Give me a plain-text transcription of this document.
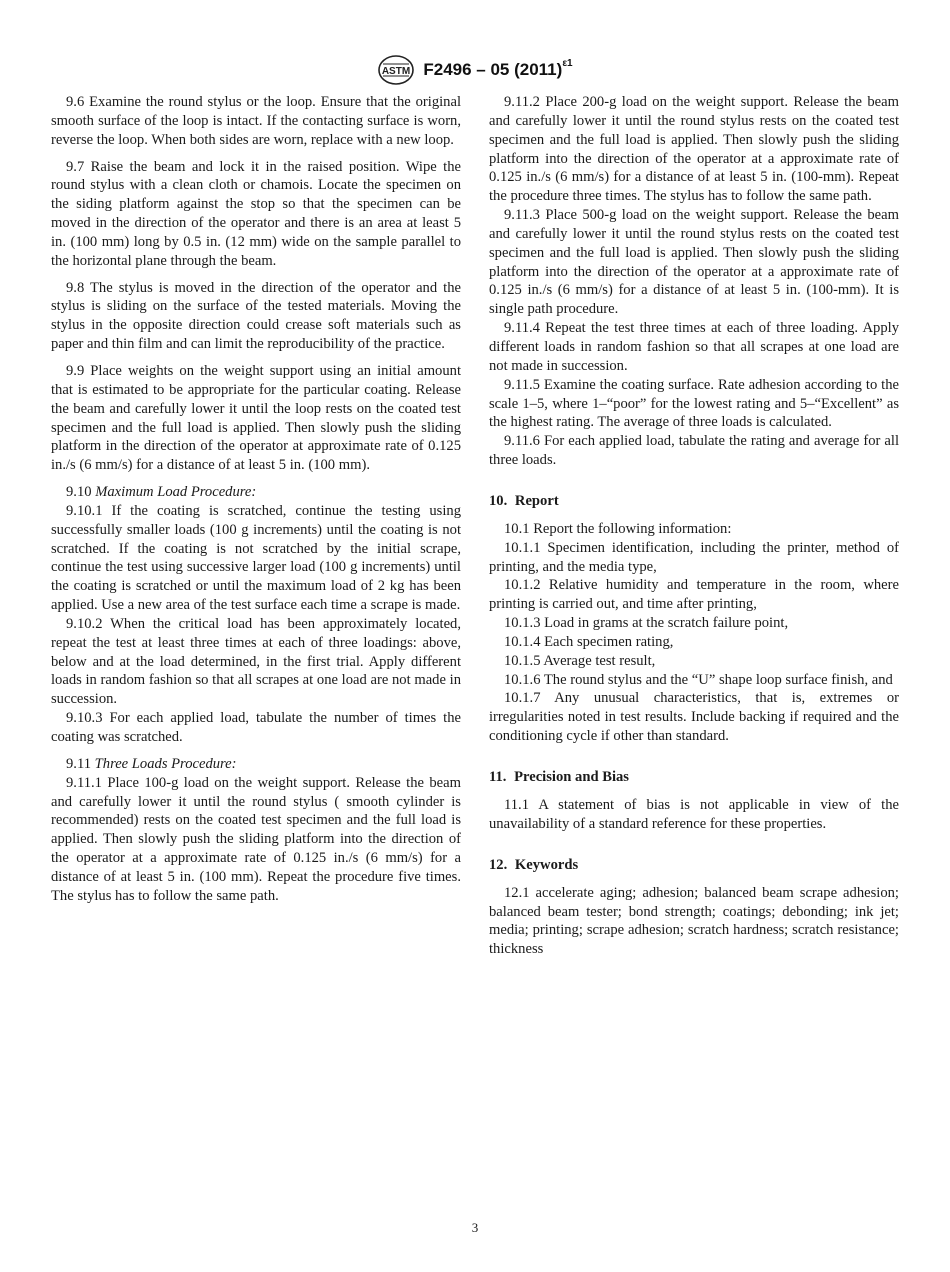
ASTM F2496 – 05 $(2011)^{\varepsilon 1}$

9.6 Examine the round stylus or the loop. Ensure that the original smooth surface of the loop is intact. If the contacting surface is worn, reverse the loop. When both sides are worn, replace with a new loop.

9.7 Raise the beam and lock it in the raised position. Wipe the round stylus with a clean cloth or chamois. Locate the specimen on the siding platform against the stop so that the specimen can be moved in the direction of the operator and there is an area at least 5 in. (100 mm) long by 0.5 in. (12 mm) wide on the sample parallel to the horizontal plane through the beam.

9.8 The stylus is moved in the direction of the operator and the stylus is sliding on the surface of the tested materials. Moving the stylus in the opposite direction could crease soft materials such as paper and thin film and can limit the reproducibility of the practice.

9.9 Place weights on the weight support using an initial amount that is estimated to be appropriate for the particular coating. Release the beam and carefully lower it until the loop rests on the coated test specimen and the full load is applied. Then slowly push the sliding platform in the direction of the operator at approximate rate of 0.125 in./s (6 mm/s) for a distance of at least 5 in. (100 mm).

9.10 Maximum Load Procedure:

9.10.1 If the coating is scratched, continue the testing using successfully smaller loads (100 g increments) until the coating is not scratched. If the coating is not scratched by the initial scrape, continue the test using successive larger load (100 g increments) until the coating is scratched or until the maximum load of 2 kg has been applied. Use a new area of the test surface each time a scrape is made.

9.10.2 When the critical load has been approximately located, repeat the test at least three times at each of three loadings: above, below and at the load determined, in the first trial. Apply different loads in random fashion so that all scrapes at one load are not made in succession.

9.10.3 For each applied load, tabulate the number of times the coating was scratched.

9.11 Three Loads Procedure:

9.11.1 Place 100-g load on the weight support. Release the beam and carefully lower it until the round stylus ( smooth cylinder is recommended) rests on the coated test specimen and the full load is applied. Then slowly push the sliding platform into the direction of the operator at a approximate rate of 0.125 in./s (6 mm/s) for a distance of at least 5 in. (100 mm). Repeat the procedure five times. The stylus has to follow the same path.

9.11.2 Place 200-g load on the weight support. Release the beam and carefully lower it until the round stylus rests on the coated test specimen and the full load is applied. Then slowly push the sliding platform into the direction of the operator at a approximate rate of 0.125 in./s (6 mm/s) for a distance of at least 5 in. (100-mm). Repeat the procedure three times. The stylus has to follow the same path.

9.11.3 Place 500-g load on the weight support. Release the beam and carefully lower it until the round stylus rests on the coated test specimen and the full load is applied. Then slowly push the sliding platform into the direction of the operator at a approximate rate of 0.125 in./s (6 mm/s) for a distance of at least 5 in. (100-mm). It is single path procedure.

9.11.4 Repeat the test three times at each of three loading. Apply different loads in random fashion so that all scrapes at one load are not made in succession.

9.11.5 Examine the coating surface. Rate adhesion according to the scale 1–5, where 1–“poor” for the lowest rating and 5–“Excellent” as the highest rating. The average of three loads is calculated.

9.11.6 For each applied load, tabulate the rating and average for all three loads.

10. Report

10.1 Report the following information:

10.1.1 Specimen identification, including the printer, method of printing, and the media type,

10.1.2 Relative humidity and temperature in the room, where printing is carried out, and time after printing,

10.1.3 Load in grams at the scratch failure point,

10.1.4 Each specimen rating,

10.1.5 Average test result,

10.1.6 The round stylus and the “U” shape loop surface finish, and

10.1.7 Any unusual characteristics, that is, extremes or irregularities noted in test results. Include backing if required and the conditioning cycle if other than standard.

11. Precision and Bias

11.1 A statement of bias is not applicable in view of the unavailability of a standard reference for these properties.

12. Keywords

12.1 accelerate aging; adhesion; balanced beam scrape adhesion; balanced beam tester; bond strength; coatings; debonding; ink jet; media; printing; scrape adhesion; scratch hardness; scratch resistance; thickness

3
